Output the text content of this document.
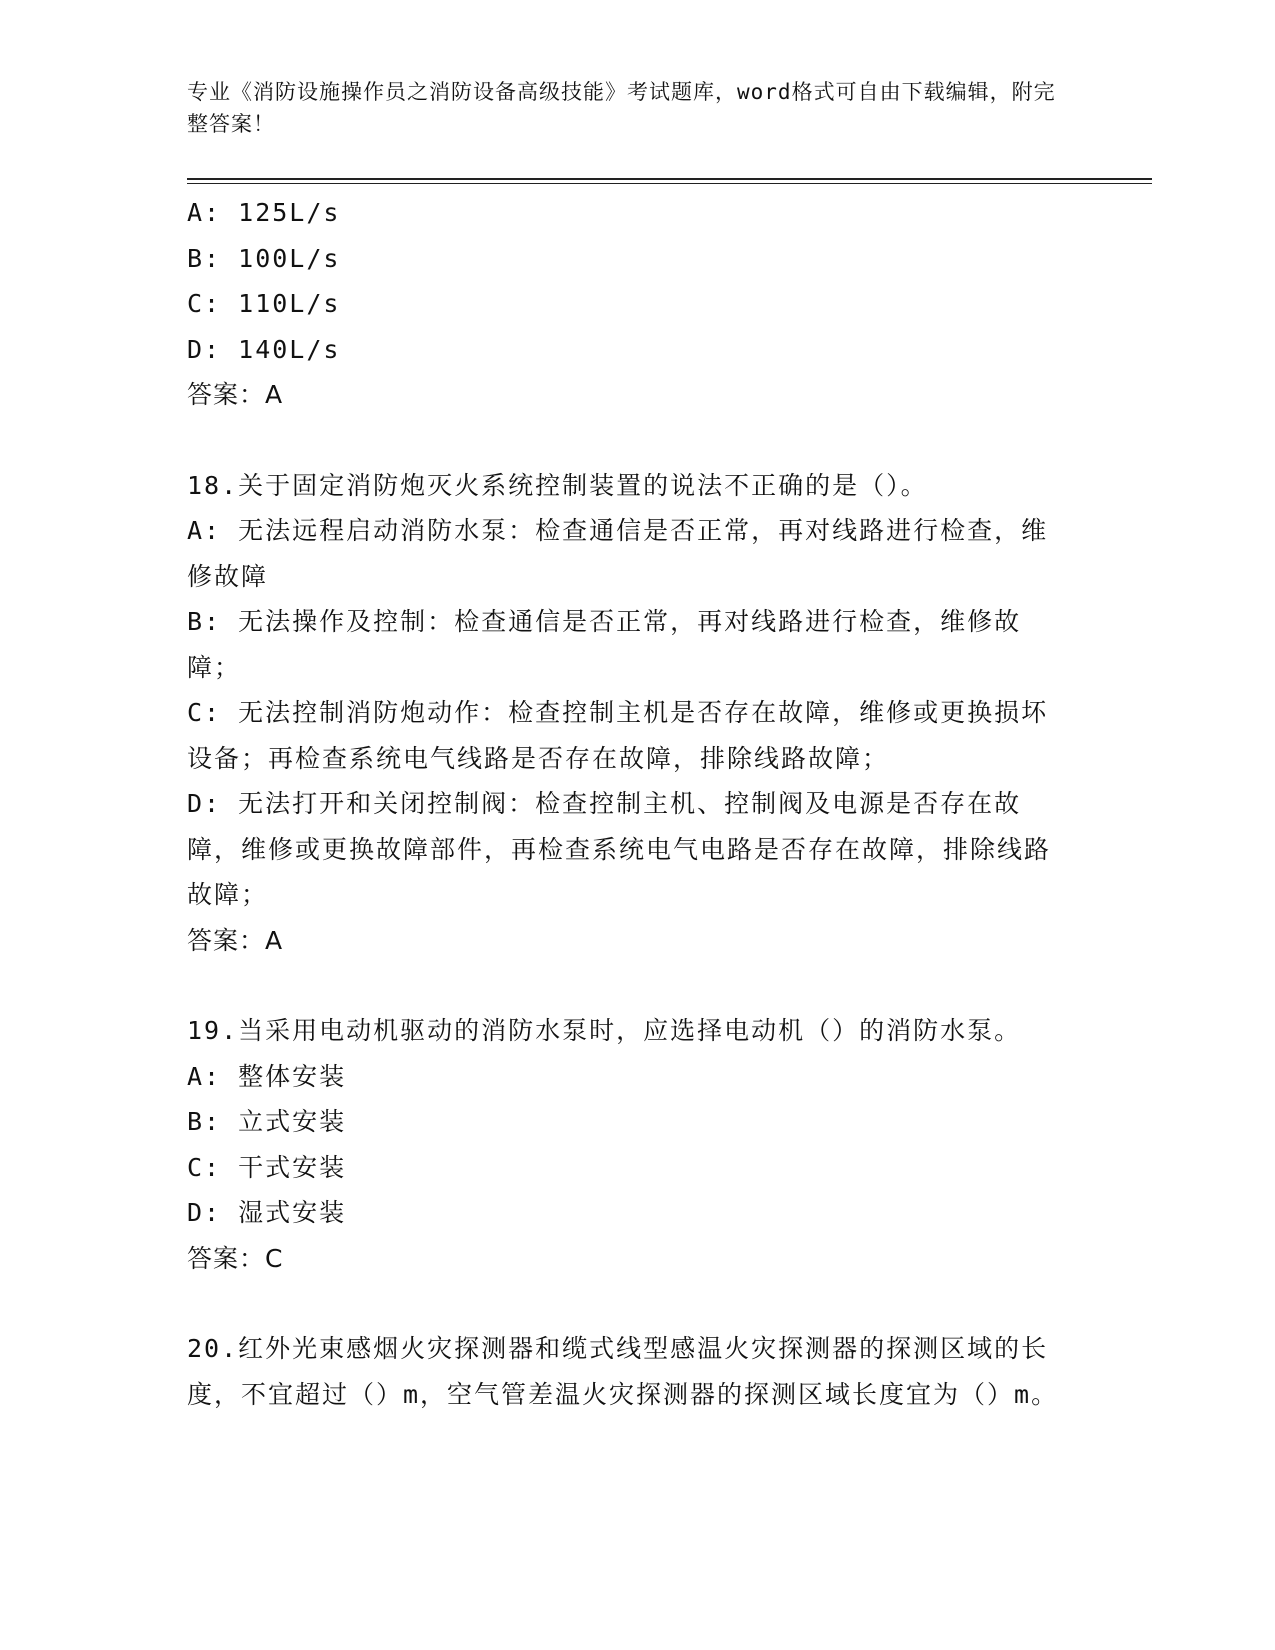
专业《消防设施操作员之消防设备高级技能》考试题库，word格式可自由下载编辑，附完整答案！

A: 125L/s

B: 100L/s

C: 110L/s

D: 140L/s

答案：A

18.关于固定消防炮灭火系统控制装置的说法不正确的是（）。

A: 无法远程启动消防水泵：检查通信是否正常，再对线路进行检查，维修故障

B: 无法操作及控制：检查通信是否正常，再对线路进行检查，维修故障；

C: 无法控制消防炮动作：检查控制主机是否存在故障，维修或更换损坏设备；再检查系统电气线路是否存在故障，排除线路故障；

D: 无法打开和关闭控制阀：检查控制主机、控制阀及电源是否存在故障，维修或更换故障部件，再检查系统电气电路是否存在故障，排除线路故障；

答案：A

19.当采用电动机驱动的消防水泵时，应选择电动机（）的消防水泵。

A: 整体安装

B: 立式安装

C: 干式安装

D: 湿式安装

答案：C

20.红外光束感烟火灾探测器和缆式线型感温火灾探测器的探测区域的长度，不宜超过（）m，空气管差温火灾探测器的探测区域长度宜为（）m。
